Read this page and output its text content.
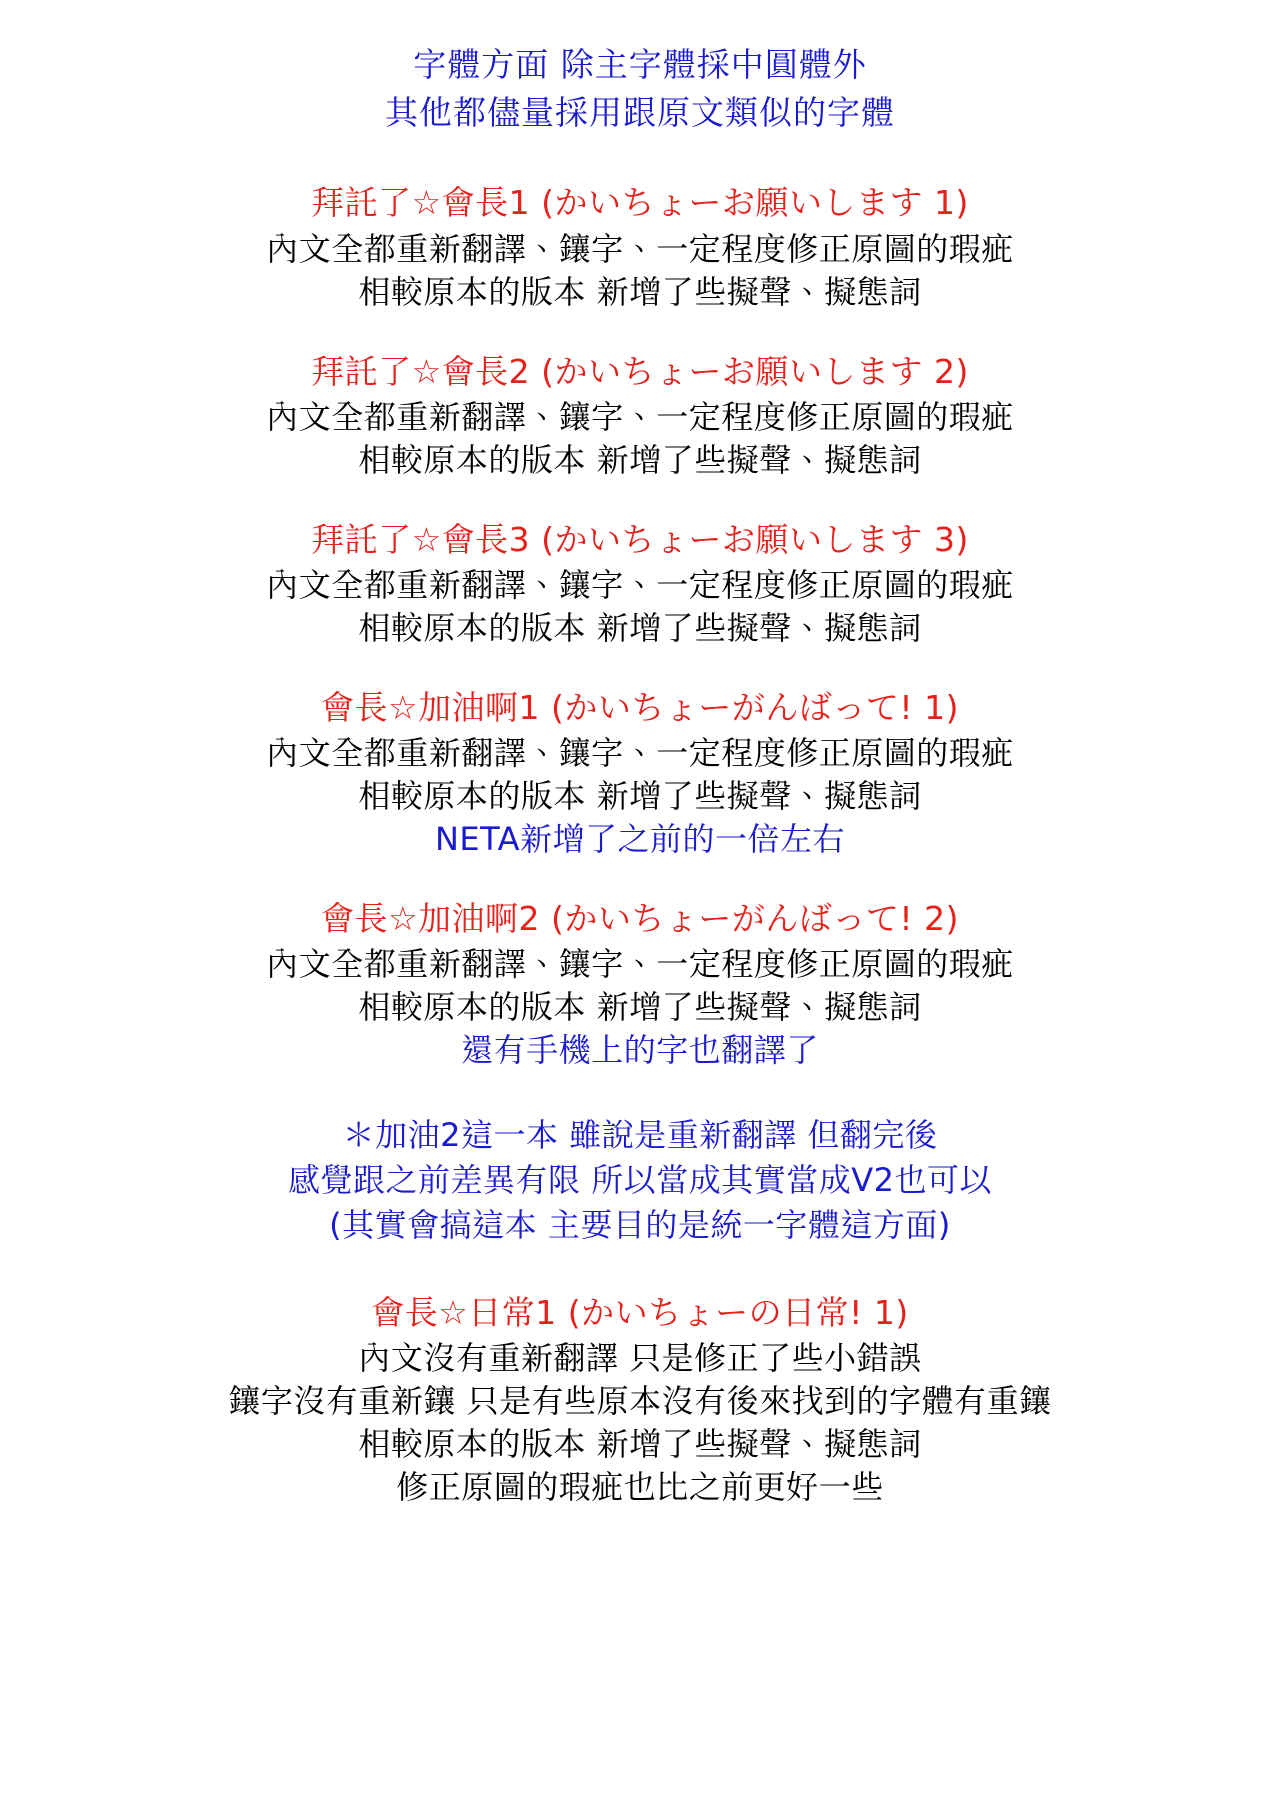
字體方面 除主字體採中圓體外
其他都儘量採用跟原文類似的字體
拜託了☆會長1 (かいちょーお願いします 1)
內文全都重新翻譯、鑲字、一定程度修正原圖的瑕疵
相較原本的版本 新增了些擬聲、擬態詞
拜託了☆會長2 (かいちょーお願いします 2)
內文全都重新翻譯、鑲字、一定程度修正原圖的瑕疵
相較原本的版本 新增了些擬聲、擬態詞
拜託了☆會長3 (かいちょーお願いします 3)
內文全都重新翻譯、鑲字、一定程度修正原圖的瑕疵
相較原本的版本 新增了些擬聲、擬態詞
會長☆加油啊1 (かいちょーがんばって! 1)
內文全都重新翻譯、鑲字、一定程度修正原圖的瑕疵
相較原本的版本 新增了些擬聲、擬態詞
NETA新增了之前的一倍左右
會長☆加油啊2 (かいちょーがんばって! 2)
內文全都重新翻譯、鑲字、一定程度修正原圖的瑕疵
相較原本的版本 新增了些擬聲、擬態詞
還有手機上的字也翻譯了
＊加油2這一本 雖說是重新翻譯 但翻完後
感覺跟之前差異有限 所以當成其實當成V2也可以
(其實會搞這本 主要目的是統一字體這方面)
會長☆日常1 (かいちょーの日常! 1)
內文沒有重新翻譯 只是修正了些小錯誤
鑲字沒有重新鑲 只是有些原本沒有後來找到的字體有重鑲
相較原本的版本 新增了些擬聲、擬態詞
修正原圖的瑕疵也比之前更好一些
